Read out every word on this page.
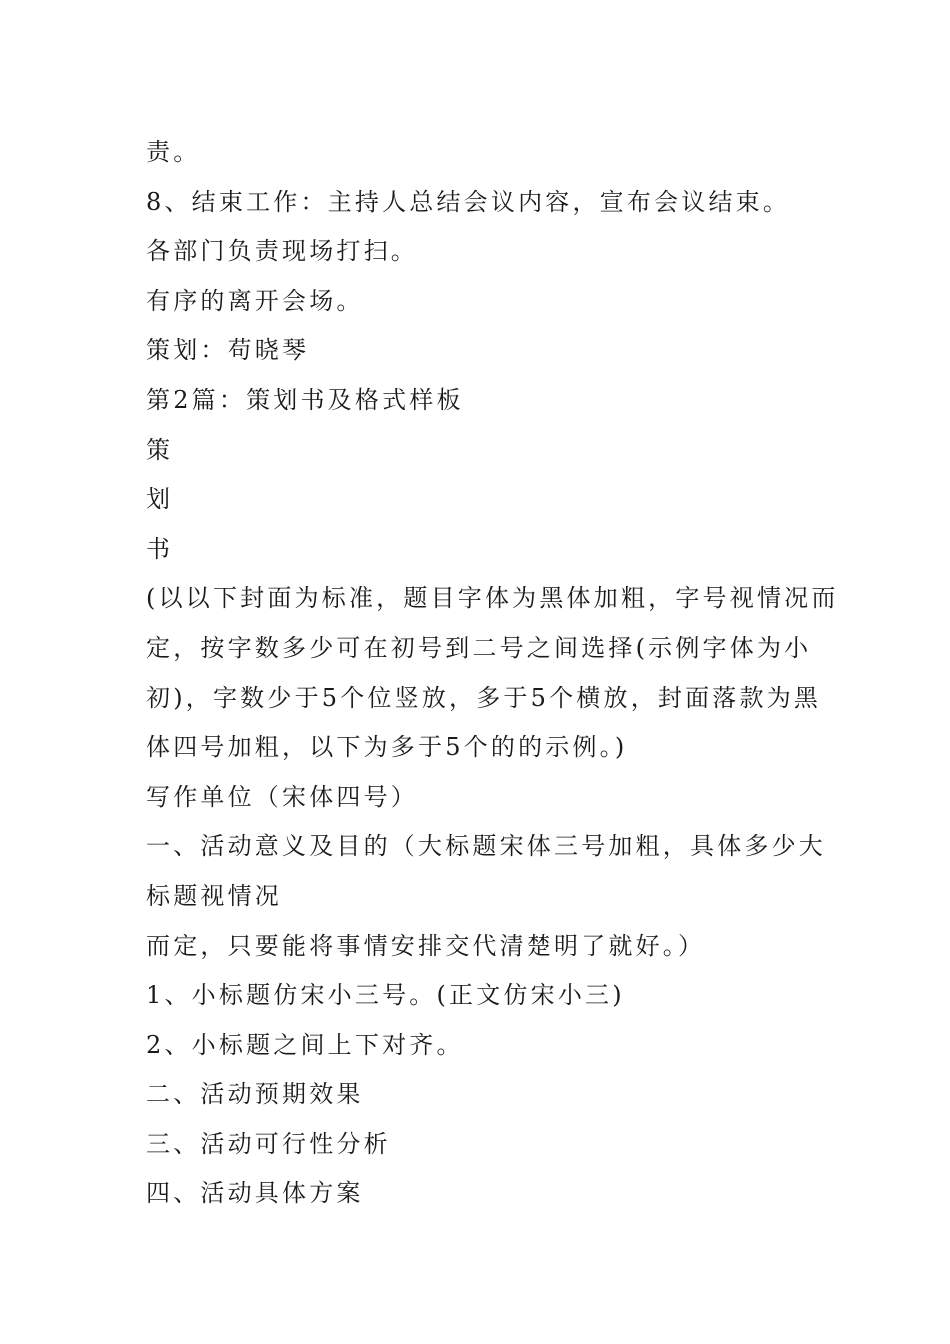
责。

8、结束工作：主持人总结会议内容，宣布会议结束。

各部门负责现场打扫。

有序的离开会场。

策划：苟晓琴

第2篇：策划书及格式样板

策

划

书

(以以下封面为标准，题目字体为黑体加粗，字号视情况而

定，按字数多少可在初号到二号之间选择(示例字体为小

初)，字数少于5个位竖放，多于5个横放，封面落款为黑

体四号加粗，以下为多于5个的的示例。)

写作单位（宋体四号）

一、活动意义及目的（大标题宋体三号加粗，具体多少大

标题视情况

而定，只要能将事情安排交代清楚明了就好。）

1、小标题仿宋小三号。(正文仿宋小三)

2、小标题之间上下对齐。

二、活动预期效果

三、活动可行性分析

四、活动具体方案
